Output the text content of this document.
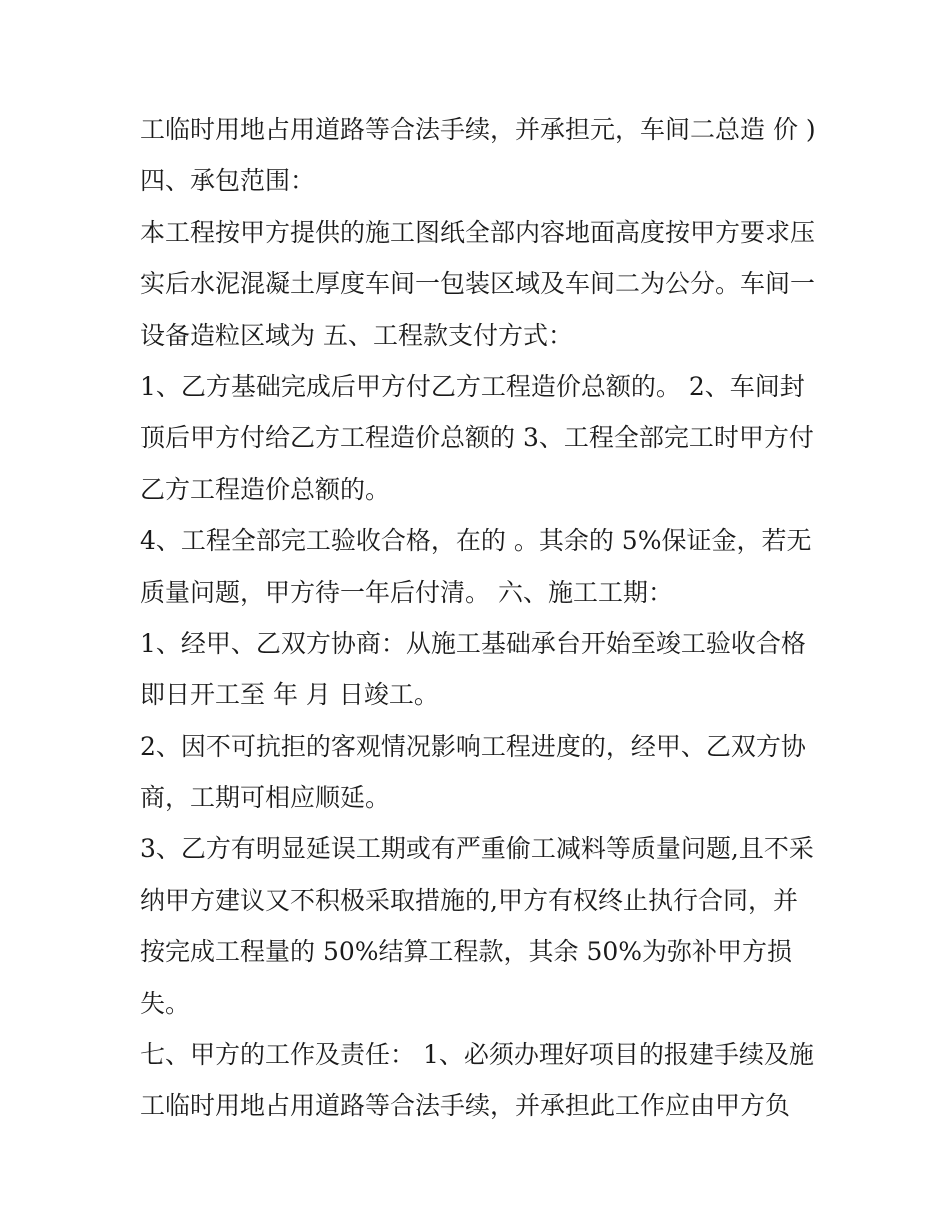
工临时用地占用道路等合法手续，并承担元，车间二总造 价 )
四、承包范围：
本工程按甲方提供的施工图纸全部内容地面高度按甲方要求压
实后水泥混凝土厚度车间一包装区域及车间二为公分。车间一
设备造粒区域为 五、工程款支付方式：
1、乙方基础完成后甲方付乙方工程造价总额的。 2、车间封
顶后甲方付给乙方工程造价总额的 3、工程全部完工时甲方付
乙方工程造价总额的。
4、工程全部完工验收合格，在的 。其余的 5%保证金，若无
质量问题，甲方待一年后付清。 六、施工工期：
1、经甲、乙双方协商：从施工基础承台开始至竣工验收合格
即日开工至 年 月 日竣工。
2、因不可抗拒的客观情况影响工程进度的，经甲、乙双方协
商，工期可相应顺延。
3、乙方有明显延误工期或有严重偷工减料等质量问题,且不采
纳甲方建议又不积极采取措施的,甲方有权终止执行合同，并
按完成工程量的 50%结算工程款，其余 50%为弥补甲方损
失。
七、甲方的工作及责任： 1、必须办理好项目的报建手续及施
工临时用地占用道路等合法手续，并承担此工作应由甲方负
